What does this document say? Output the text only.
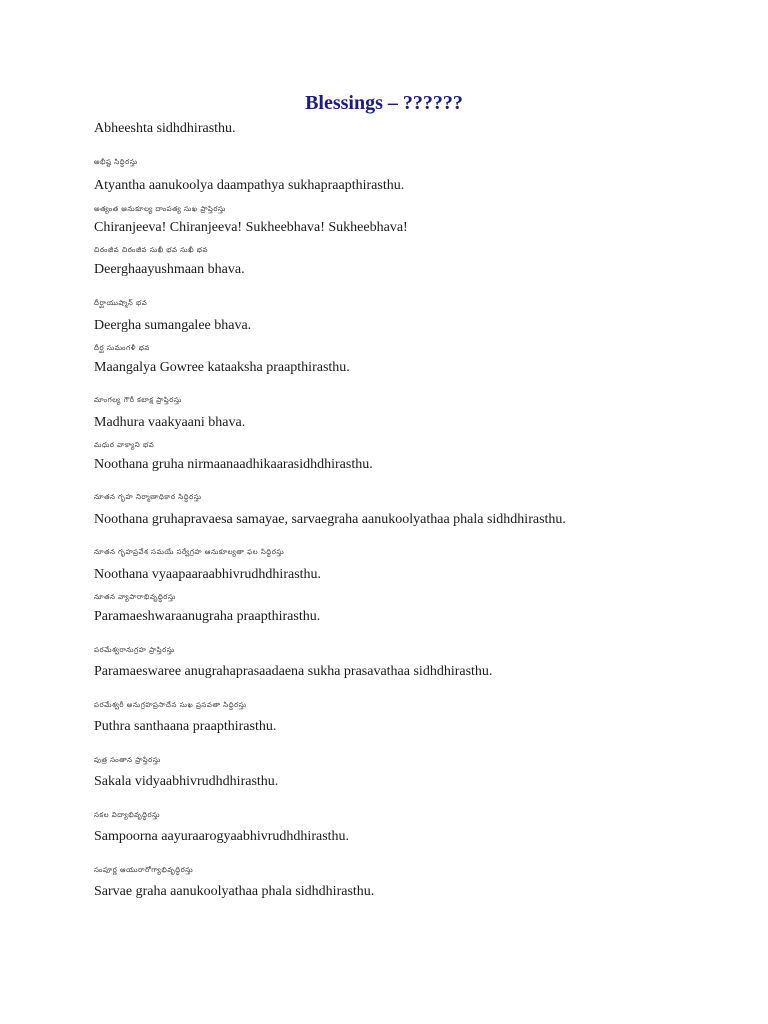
Blessings – ??????
Abheeshta sidhdhirasthu.
అభీష్ట సిద్ధిరస్తు
Atyantha aanukoolya daampathya sukhapraapthirasthu.
అత్యంత ఆనుకూల్య దాంపత్య సుఖ ప్రాప్తిరస్తు
Chiranjeeva! Chiranjeeva! Sukheebhava! Sukheebhava!
చిరంజీవ చిరంజీవ సుఖీ భవ సుఖీ భవ
Deerghaayushmaan bhava.
దీర్ఘాయుష్మాన్ భవ
Deergha sumangalee bhava.
దీర్ఘ సుమంగళీ భవ
Maangalya Gowree kataaksha praapthirasthu.
మాంగల్య గౌరీ కటాక్ష ప్రాప్తిరస్తు
Madhura vaakyaani bhava.
మధుర వాక్యాని భవ
Noothana gruha nirmaanaadhikaarasidhdhirasthu.
నూతన గృహ నిర్మాణాధికార సిద్ధిరస్తు
Noothana gruhapravaesa samayae, sarvaegraha aanukoolyathaa phala sidhdhirasthu.
నూతన గృహప్రవేశ సమయే సర్వేగ్రహ ఆనుకూల్యతా ఫల సిద్ధిరస్తు
Noothana vyaapaaraabhivrudhdhirasthu.
నూతన వ్యాపారాభివృద్ధిరస్తు
Paramaeshwaraanugraha praapthirasthu.
పరమేశ్వరానుగ్రహ ప్రాప్తిరస్తు
Paramaeswaree anugrahaprasaadaena sukha prasavathaa sidhdhirasthu.
పరమేశ్వరీ అనుగ్రహప్రసాదేన సుఖ ప్రసవతా సిద్ధిరస్తు
Puthra santhaana praapthirasthu.
పుత్ర సంతాన ప్రాప్తిరస్తు
Sakala vidyaabhivrudhdhirasthu.
సకల విద్యాభివృద్ధిరస్తు
Sampoorna aayuraarogyaabhivrudhdhirasthu.
సంపూర్ణ ఆయురారోగ్యాభివృద్ధిరస్తు
Sarvae graha aanukoolyathaa phala sidhdhirasthu.
